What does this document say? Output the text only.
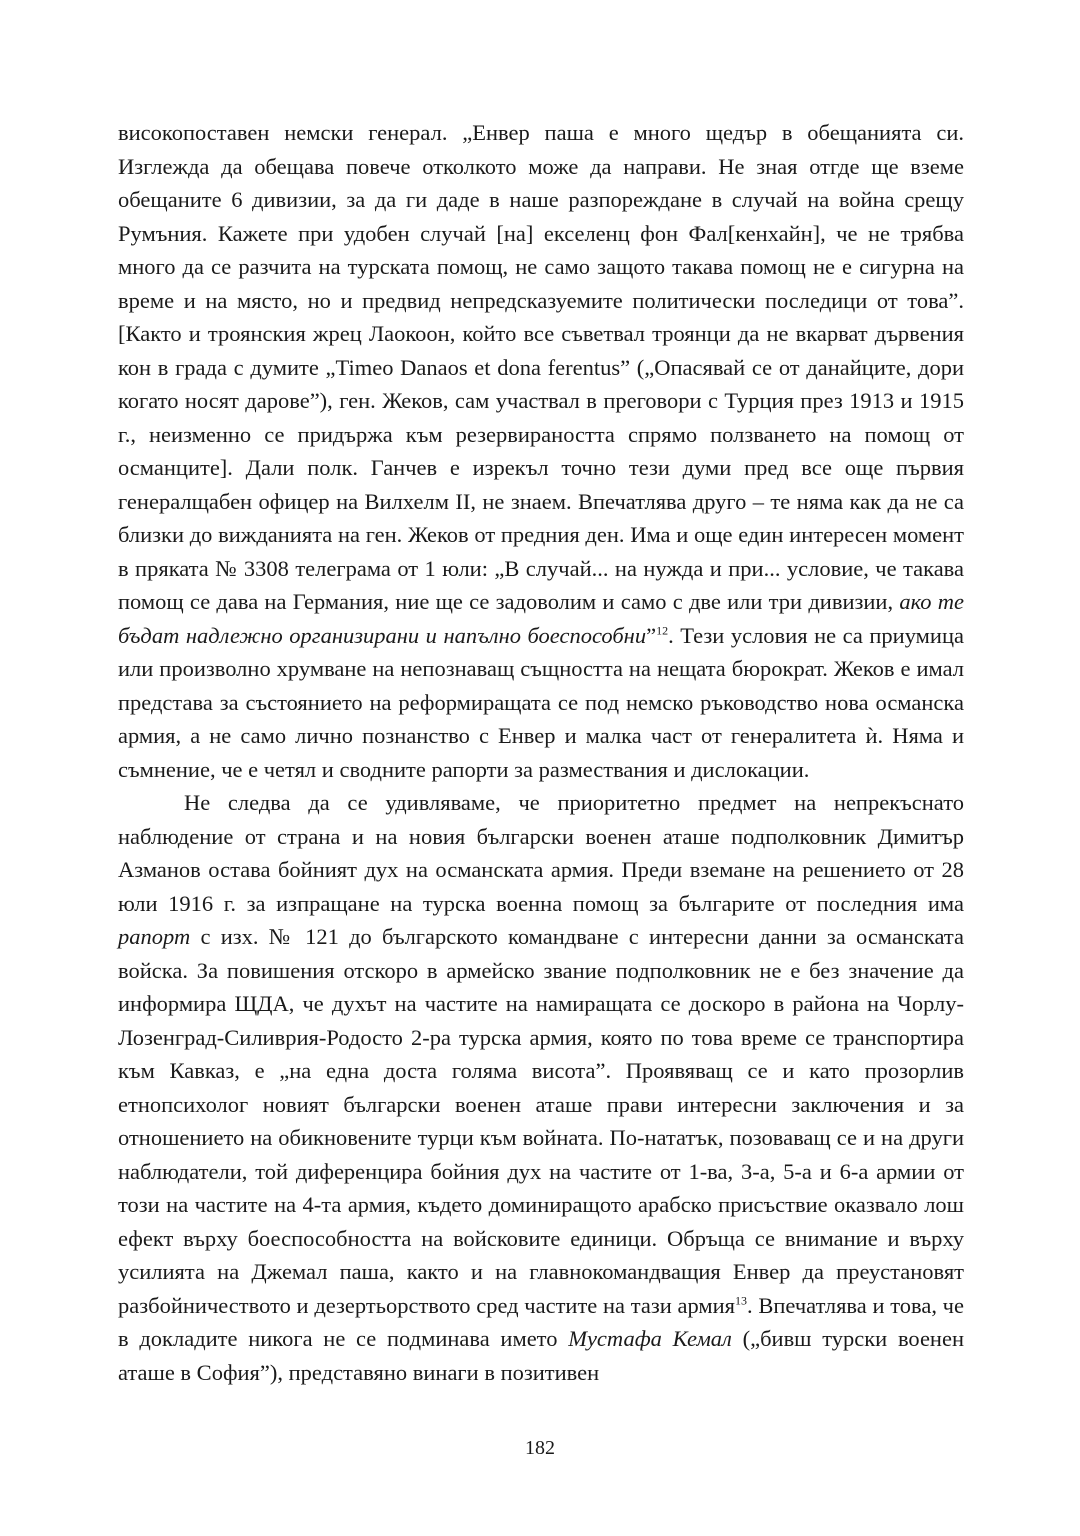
високопоставен немски генерал. „Енвер паша е много щедър в обещанията си. Изглежда да обещава повече отколкото може да направи. Не зная отгде ще вземе обещаните 6 дивизии, за да ги даде в наше разпореждане в случай на война срещу Румъния. Кажете при удобен случай [на] екселенц фон Фал[кенхайн], че не трябва много да се разчита на турската помощ, не само защото такава помощ не е сигурна на време и на място, но и предвид непредсказуемите политически последици от това”. [Както и троянския жрец Лаокоон, който все съветвал троянци да не вкарват дървения кон в града с думите „Timeo Danaos et dona ferentus” („Опасявай се от данайците, дори когато носят дарове”), ген. Жеков, сам участвал в преговори с Турция през 1913 и 1915 г., неизменно се придържа към резервираността спрямо ползването на помощ от османците]. Дали полк. Ганчев е изрекъл точно тези думи пред все още първия генералщабен офицер на Вилхелм II, не знаем. Впечатлява друго – те няма как да не са близки до вижданията на ген. Жеков от предния ден. Има и още един интересен момент в пряката № 3308 телеграма от 1 юли: „В случай... на нужда и при... условие, че такава помощ се дава на Германия, ние ще се задоволим и само с две или три дивизии, ако те бъдат надлежно организирани и напълно боеспособни”$^{12}$. Тези условия не са приумица или произволно хрумване на непознаващ същността на нещата бюрократ. Жеков е имал представа за състоянието на реформиращата се под немско ръководство нова османска армия, а не само лично познанство с Енвер и малка част от генералитета ѝ. Няма и съмнение, че е четял и сводните рапорти за размествания и дислокации.

Не следва да се удивляваме, че приоритетно предмет на непрекъснато наблюдение от страна и на новия български военен аташе подполковник Димитър Азманов остава бойният дух на османската армия. Преди вземане на решението от 28 юли 1916 г. за изпращане на турска военна помощ за българите от последния има рапорт с изх. № 121 до българското командване с интересни данни за османската войска. За повишения отскоро в армейско звание подполковник не е без значение да информира ЩДА, че духът на частите на намиращата се доскоро в района на Чорлу-Лозенград-Силиврия-Родосто 2-ра турска армия, която по това време се транспортира към Кавказ, е „на една доста голяма висота”. Проявяващ се и като прозорлив етнопсихолог новият български военен аташе прави интересни заключения и за отношението на обикновените турци към войната. По-нататък, позоваващ се и на други наблюдатели, той диференцира бойния дух на частите от 1-ва, 3-а, 5-а и 6-а армии от този на частите на 4-та армия, където доминиращото арабско присъствие оказвало лош ефект върху боеспособността на войсковите единици. Обръща се внимание и върху усилията на Джемал паша, както и на главнокомандващия Енвер да преустановят разбойничеството и дезертьорството сред частите на тази армия$^{13}$. Впечатлява и това, че в докладите никога не се подминава името Мустафа Кемал („бивш турски военен аташе в София”), представяно винаги в позитивен

182
